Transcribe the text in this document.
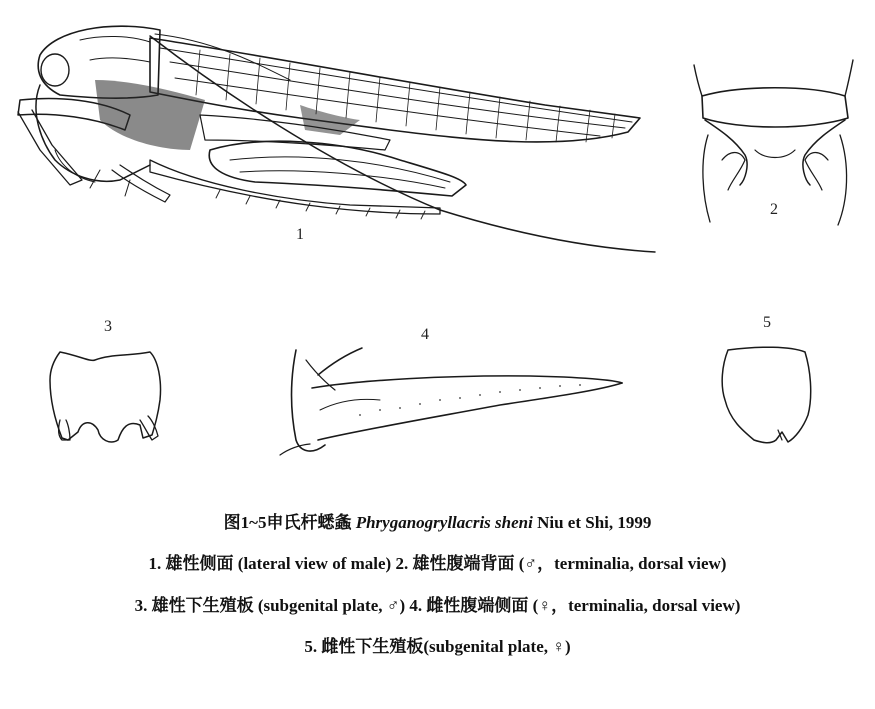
1
2
3	4
5
图1~5申氏杆蟋螽 Phryganogryllacris sheni Niu et Shi, 1999
1. 雄性侧面 (lateral view of male) 2. 雄性腹端背面 (♂，terminalia, dorsal view)
3. 雄性下生殖板 (subgenital plate, ♂) 4. 雌性腹端侧面 (♀，terminalia, dorsal view)
5. 雌性下生殖板(subgenital plate, ♀)
